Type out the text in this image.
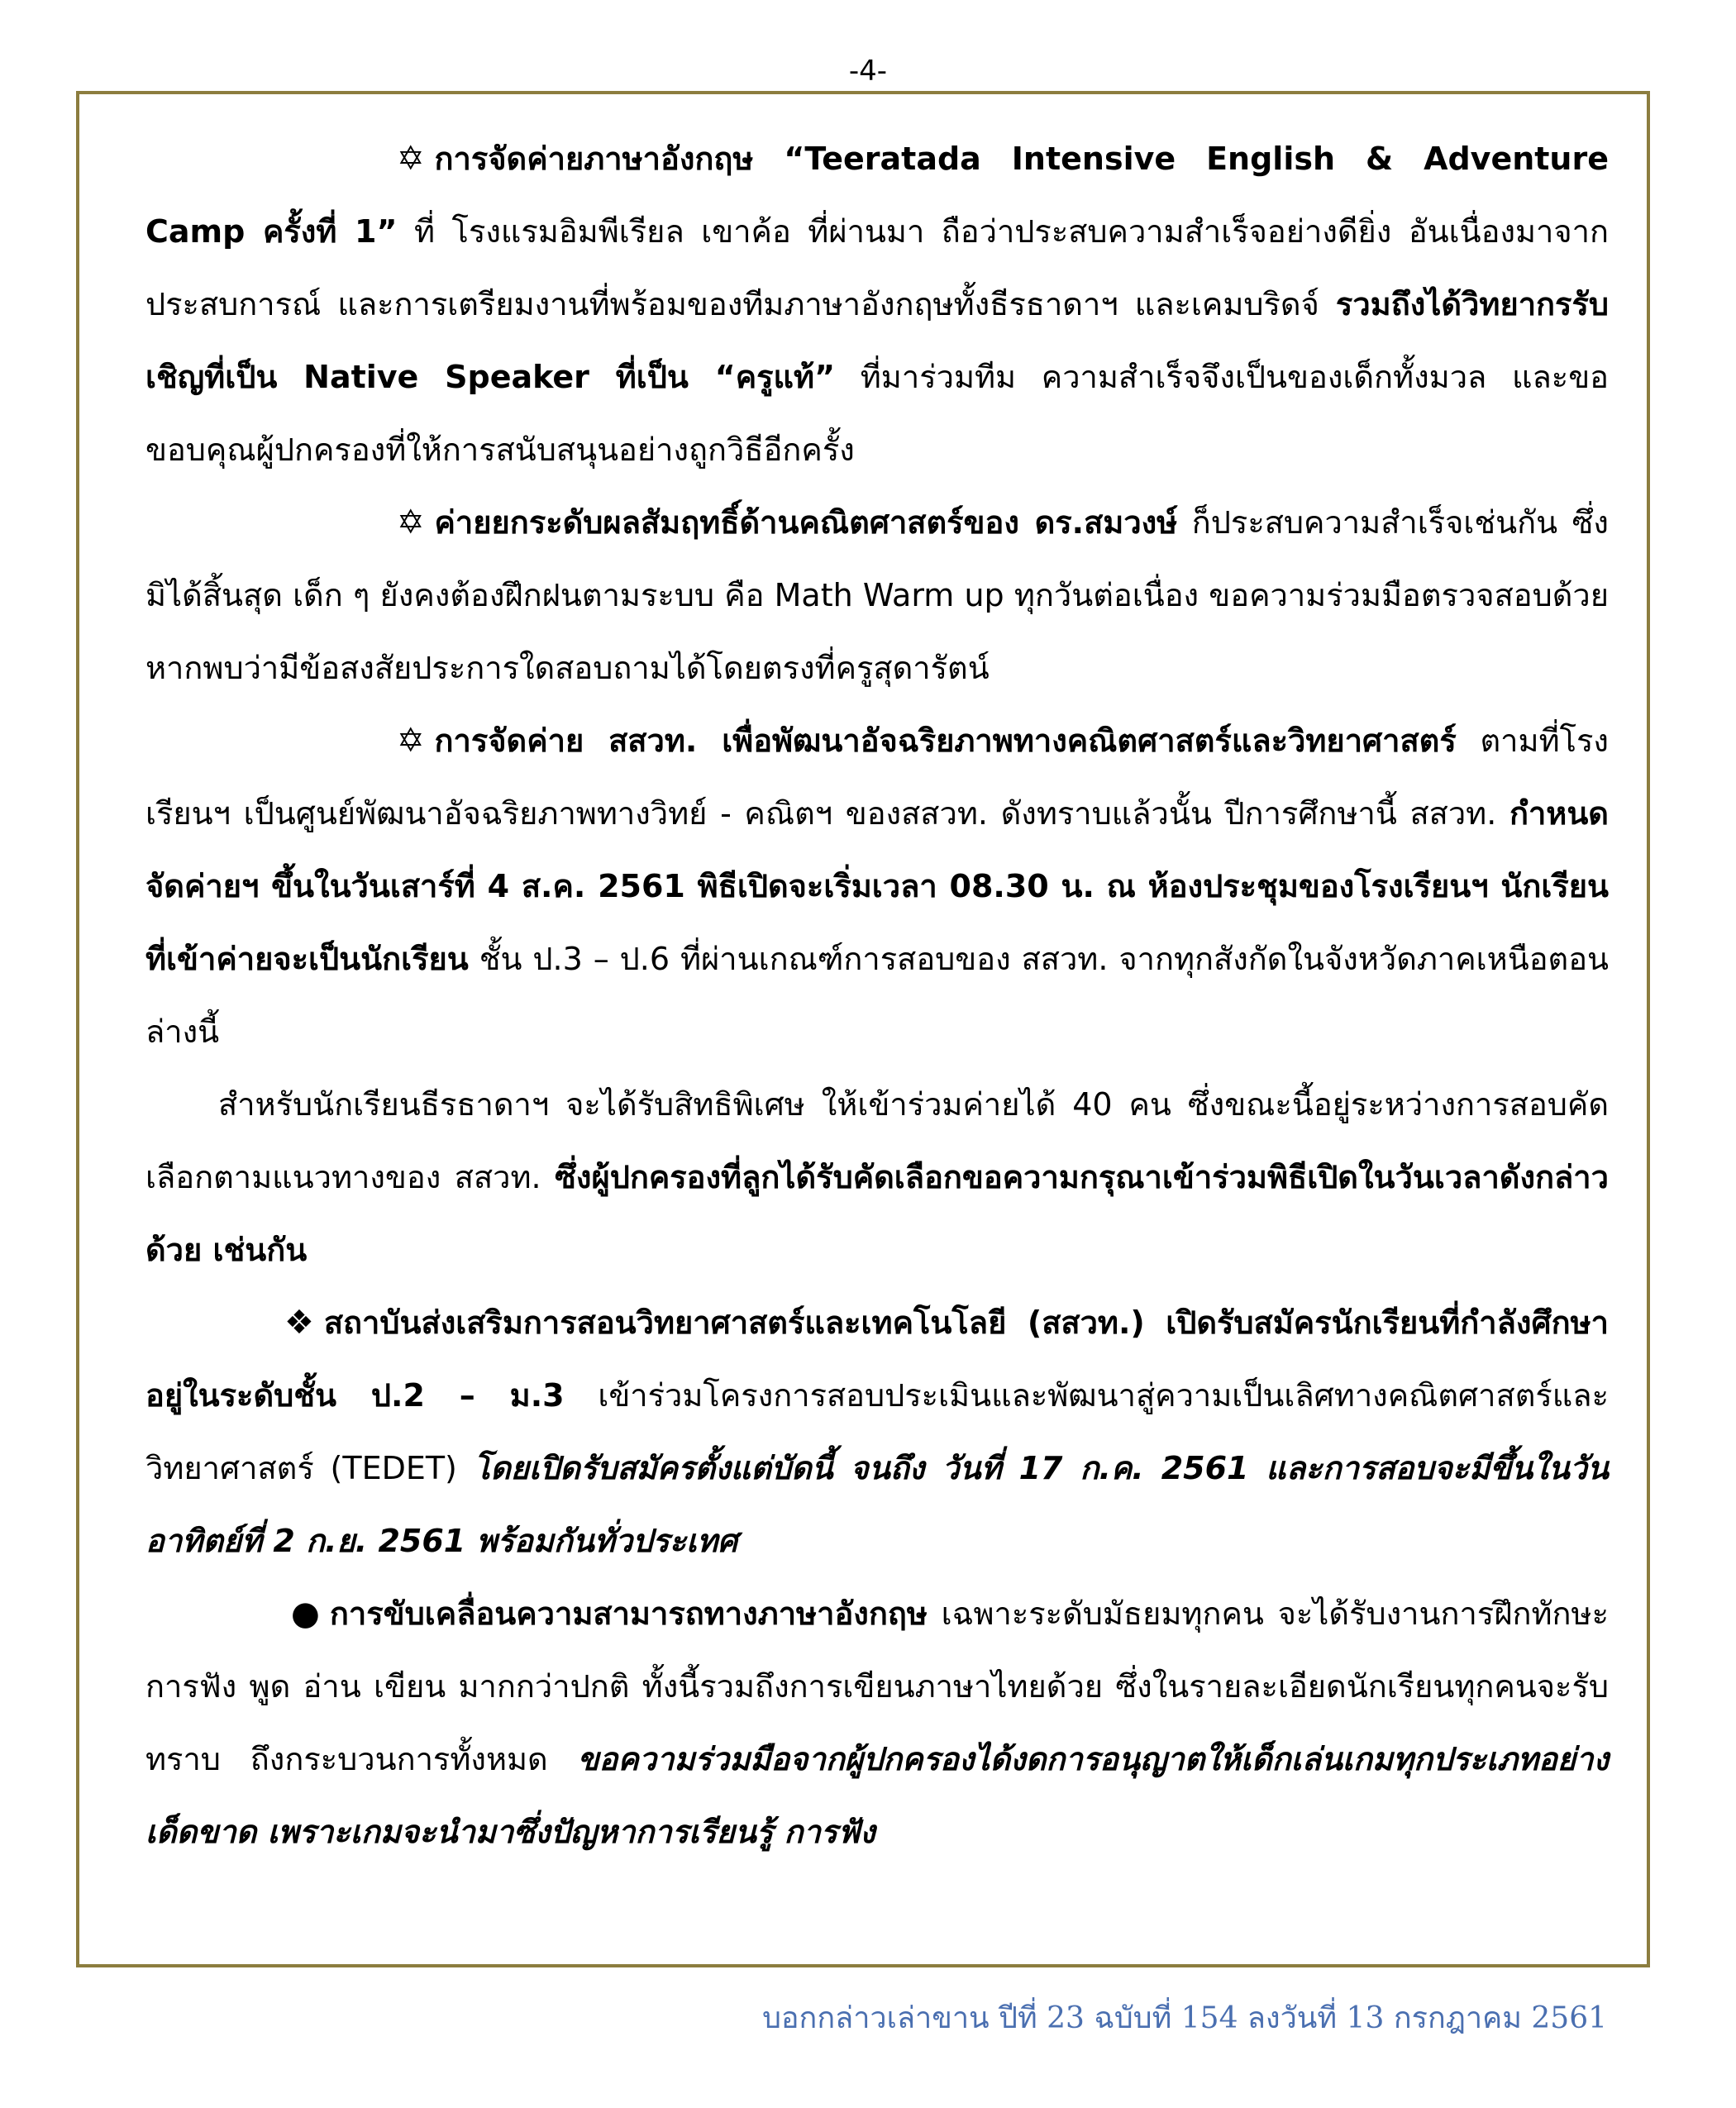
-4-

✡ การจัดค่ายภาษาอังกฤษ “Teeratada Intensive English & Adventure Camp ครั้งที่ 1” ที่ โรงแรมอิมพีเรียล เขาค้อ ที่ผ่านมา ถือว่าประสบความสำเร็จอย่างดียิ่ง อันเนื่องมาจากประสบการณ์ และการเตรียมงานที่พร้อมของทีมภาษาอังกฤษทั้งธีรธาดาฯ และเคมบริดจ์ รวมถึงได้วิทยากรรับเชิญที่เป็น Native Speaker ที่เป็น “ครูแท้” ที่มาร่วมทีม ความสำเร็จจึงเป็นของเด็กทั้งมวล และขอขอบคุณผู้ปกครองที่ให้การสนับสนุนอย่างถูกวิธีอีกครั้ง

✡ ค่ายยกระดับผลสัมฤทธิ์ด้านคณิตศาสตร์ของ ดร.สมวงษ์ ก็ประสบความสำเร็จเช่นกัน ซึ่งมิได้สิ้นสุด เด็ก ๆ ยังคงต้องฝึกฝนตามระบบ คือ Math Warm up ทุกวันต่อเนื่อง ขอความร่วมมือตรวจสอบด้วย หากพบว่ามีข้อสงสัยประการใดสอบถามได้โดยตรงที่ครูสุดารัตน์

✡ การจัดค่าย สสวท. เพื่อพัฒนาอัจฉริยภาพทางคณิตศาสตร์และวิทยาศาสตร์ ตามที่โรงเรียนฯ เป็นศูนย์พัฒนาอัจฉริยภาพทางวิทย์ - คณิตฯ ของสสวท. ดังทราบแล้วนั้น ปีการศึกษานี้ สสวท. กำหนดจัดค่ายฯ ขึ้นในวันเสาร์ที่ 4 ส.ค. 2561 พิธีเปิดจะเริ่มเวลา 08.30 น. ณ ห้องประชุมของโรงเรียนฯ นักเรียนที่เข้าค่ายจะเป็นนักเรียน ชั้น ป.3 – ป.6 ที่ผ่านเกณฑ์การสอบของ สสวท. จากทุกสังกัดในจังหวัดภาคเหนือตอนล่างนี้

สำหรับนักเรียนธีรธาดาฯ จะได้รับสิทธิพิเศษ ให้เข้าร่วมค่ายได้ 40 คน ซึ่งขณะนี้อยู่ระหว่างการสอบคัดเลือกตามแนวทางของ สสวท. ซึ่งผู้ปกครองที่ลูกได้รับคัดเลือกขอความกรุณาเข้าร่วมพิธีเปิดในวันเวลาดังกล่าวด้วย เช่นกัน

❖ สถาบันส่งเสริมการสอนวิทยาศาสตร์และเทคโนโลยี (สสวท.) เปิดรับสมัครนักเรียนที่กำลังศึกษาอยู่ในระดับชั้น ป.2 – ม.3 เข้าร่วมโครงการสอบประเมินและพัฒนาสู่ความเป็นเลิศทางคณิตศาสตร์และวิทยาศาสตร์ (TEDET) โดยเปิดรับสมัครตั้งแต่บัดนี้ จนถึง วันที่ 17 ก.ค. 2561 และการสอบจะมีขึ้นในวันอาทิตย์ที่ 2 ก.ย. 2561 พร้อมกันทั่วประเทศ

● การขับเคลื่อนความสามารถทางภาษาอังกฤษ เฉพาะระดับมัธยมทุกคน จะได้รับงานการฝึกทักษะการฟัง พูด อ่าน เขียน มากกว่าปกติ ทั้งนี้รวมถึงการเขียนภาษาไทยด้วย ซึ่งในรายละเอียดนักเรียนทุกคนจะรับทราบ ถึงกระบวนการทั้งหมด ขอความร่วมมือจากผู้ปกครองได้งดการอนุญาตให้เด็กเล่นเกมทุกประเภทอย่างเด็ดขาด เพราะเกมจะนำมาซึ่งปัญหาการเรียนรู้ การฟัง

บอกกล่าวเล่าขาน ปีที่ 23 ฉบับที่ 154 ลงวันที่ 13 กรกฎาคม 2561
